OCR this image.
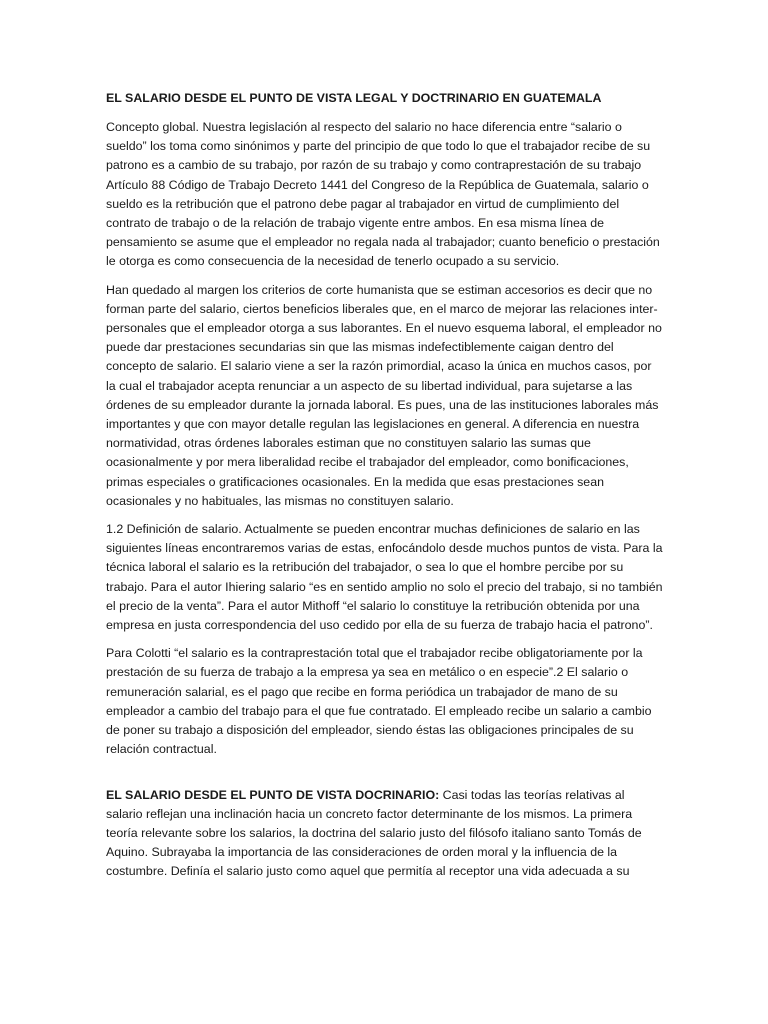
EL SALARIO DESDE EL PUNTO DE VISTA LEGAL Y DOCTRINARIO EN GUATEMALA

Concepto global. Nuestra legislación al respecto del salario no hace diferencia entre “salario o sueldo” los toma como sinónimos y parte del principio de que todo lo que el trabajador recibe de su patrono es a cambio de su trabajo, por razón de su trabajo y como contraprestación de su trabajo Artículo 88 Código de Trabajo Decreto 1441 del Congreso de la República de Guatemala, salario o sueldo es la retribución que el patrono debe pagar al trabajador en virtud de cumplimiento del contrato de trabajo o de la relación de trabajo vigente entre ambos. En esa misma línea de pensamiento se asume que el empleador no regala nada al trabajador; cuanto beneficio o prestación le otorga es como consecuencia de la necesidad de tenerlo ocupado a su servicio.

Han quedado al margen los criterios de corte humanista que se estiman accesorios es decir que no forman parte del salario, ciertos beneficios liberales que, en el marco de mejorar las relaciones inter-personales que el empleador otorga a sus laborantes. En el nuevo esquema laboral, el empleador no puede dar prestaciones secundarias sin que las mismas indefectiblemente caigan dentro del concepto de salario. El salario viene a ser la razón primordial, acaso la única en muchos casos, por la cual el trabajador acepta renunciar a un aspecto de su libertad individual, para sujetarse a las órdenes de su empleador durante la jornada laboral. Es pues, una de las instituciones laborales más importantes y que con mayor detalle regulan las legislaciones en general. A diferencia en nuestra normatividad, otras órdenes laborales estiman que no constituyen salario las sumas que ocasionalmente y por mera liberalidad recibe el trabajador del empleador, como bonificaciones, primas especiales o gratificaciones ocasionales. En la medida que esas prestaciones sean ocasionales y no habituales, las mismas no constituyen salario.

1.2 Definición de salario. Actualmente se pueden encontrar muchas definiciones de salario en las siguientes líneas encontraremos varias de estas, enfocándolo desde muchos puntos de vista. Para la técnica laboral el salario es la retribución del trabajador, o sea lo que el hombre percibe por su trabajo. Para el autor Ihiering salario “es en sentido amplio no solo el precio del trabajo, si no también el precio de la venta”. Para el autor Mithoff “el salario lo constituye la retribución obtenida por una empresa en justa correspondencia del uso cedido por ella de su fuerza de trabajo hacia el patrono”.

Para Colotti “el salario es la contraprestación total que el trabajador recibe obligatoriamente por la prestación de su fuerza de trabajo a la empresa ya sea en metálico o en especie”.2 El salario o remuneración salarial, es el pago que recibe en forma periódica un trabajador de mano de su empleador a cambio del trabajo para el que fue contratado. El empleado recibe un salario a cambio de poner su trabajo a disposición del empleador, siendo éstas las obligaciones principales de su relación contractual.

EL SALARIO DESDE EL PUNTO DE VISTA DOCRINARIO: Casi todas las teorías relativas al salario reflejan una inclinación hacia un concreto factor determinante de los mismos. La primera teoría relevante sobre los salarios, la doctrina del salario justo del filósofo italiano santo Tomás de Aquino. Subrayaba la importancia de las consideraciones de orden moral y la influencia de la costumbre. Definía el salario justo como aquel que permitía al receptor una vida adecuada a su
